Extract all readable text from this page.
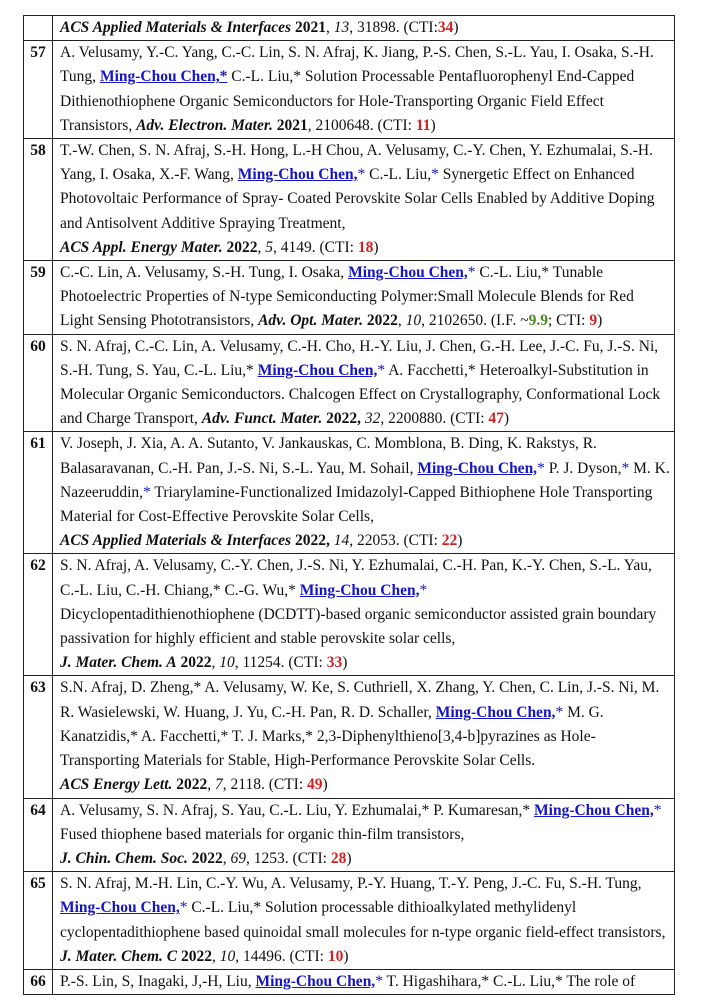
	ACS Applied Materials & Interfaces 2021, 13, 31898. (CTI:34)
57	A. Velusamy, Y.-C. Yang, C.-C. Lin, S. N. Afraj, K. Jiang, P.-S. Chen, S.-L. Yau, I. Osaka, S.-H. Tung, Ming-Chou Chen,* C.-L. Liu,* Solution Processable Pentafluorophenyl End-Capped Dithienothiophene Organic Semiconductors for Hole-Transporting Organic Field Effect Transistors, Adv. Electron. Mater. 2021, 2100648. (CTI: 11)
58	T.-W. Chen, S. N. Afraj, S.-H. Hong, L.-H Chou, A. Velusamy, C.-Y. Chen, Y. Ezhumalai, S.-H. Yang, I. Osaka, X.-F. Wang, Ming-Chou Chen,* C.-L. Liu,* Synergetic Effect on Enhanced Photovoltaic Performance of Spray- Coated Perovskite Solar Cells Enabled by Additive Doping and Antisolvent Additive Spraying Treatment,
ACS Appl. Energy Mater. 2022, 5, 4149. (CTI: 18)
59	C.-C. Lin, A. Velusamy, S.-H. Tung, I. Osaka, Ming-Chou Chen,* C.-L. Liu,* Tunable Photoelectric Properties of N-type Semiconducting Polymer:Small Molecule Blends for Red Light Sensing Phototransistors, Adv. Opt. Mater. 2022, 10, 2102650. (I.F. ~9.9; CTI: 9)
60	S. N. Afraj, C.-C. Lin, A. Velusamy, C.-H. Cho, H.-Y. Liu, J. Chen, G.-H. Lee, J.-C. Fu, J.-S. Ni, S.-H. Tung, S. Yau, C.-L. Liu,* Ming-Chou Chen,* A. Facchetti,* Heteroalkyl-Substitution in Molecular Organic Semiconductors. Chalcogen Effect on Crystallography, Conformational Lock and Charge Transport, Adv. Funct. Mater. 2022, 32, 2200880. (CTI: 47)
61	V. Joseph, J. Xia, A. A. Sutanto, V. Jankauskas, C. Momblona, B. Ding, K. Rakstys, R. Balasaravanan, C.-H. Pan, J.-S. Ni, S.-L. Yau, M. Sohail, Ming-Chou Chen,* P. J. Dyson,* M. K. Nazeeruddin,* Triarylamine-Functionalized Imidazolyl-Capped Bithiophene Hole Transporting Material for Cost-Effective Perovskite Solar Cells,
ACS Applied Materials & Interfaces 2022, 14, 22053. (CTI: 22)
62	S. N. Afraj, A. Velusamy, C.-Y. Chen, J.-S. Ni, Y. Ezhumalai, C.-H. Pan, K.-Y. Chen, S.-L. Yau, C.-L. Liu, C.-H. Chiang,* C.-G. Wu,* Ming-Chou Chen,*
Dicyclopentadithienothiophene (DCDTT)-based organic semiconductor assisted grain boundary passivation for highly efficient and stable perovskite solar cells,
J. Mater. Chem. A 2022, 10, 11254. (CTI: 33)
63	S.N. Afraj, D. Zheng,* A. Velusamy, W. Ke, S. Cuthriell, X. Zhang, Y. Chen, C. Lin, J.-S. Ni, M. R. Wasielewski, W. Huang, J. Yu, C.-H. Pan, R. D. Schaller, Ming-Chou Chen,* M. G. Kanatzidis,* A. Facchetti,* T. J. Marks,* 2,3-Diphenylthieno[3,4-b]pyrazines as Hole-Transporting Materials for Stable, High-Performance Perovskite Solar Cells.
ACS Energy Lett. 2022, 7, 2118. (CTI: 49)
64	A. Velusamy, S. N. Afraj, S. Yau, C.-L. Liu, Y. Ezhumalai,* P. Kumaresan,* Ming-Chou Chen,* Fused thiophene based materials for organic thin-film transistors,
J. Chin. Chem. Soc. 2022, 69, 1253. (CTI: 28)
65	S. N. Afraj, M.-H. Lin, C.-Y. Wu, A. Velusamy, P.-Y. Huang, T.-Y. Peng, J.-C. Fu, S.-H. Tung, Ming-Chou Chen,* C.-L. Liu,* Solution processable dithioalkylated methylidenyl cyclopentadithiophene based quinoidal small molecules for n-type organic field-effect transistors, J. Mater. Chem. C 2022, 10, 14496. (CTI: 10)
66	P.-S. Lin, S, Inagaki, J,-H, Liu, Ming-Chou Chen,* T. Higashihara,* C.-L. Liu,* The role of
